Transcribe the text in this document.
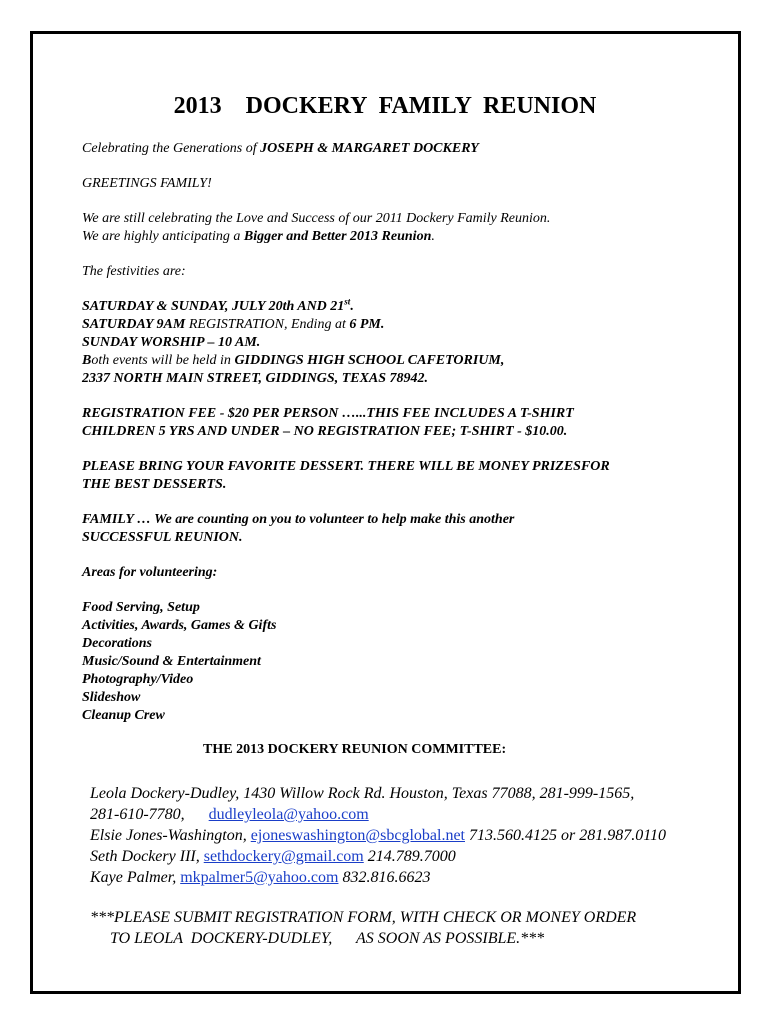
2013    DOCKERY  FAMILY  REUNION

Celebrating the Generations of JOSEPH & MARGARET DOCKERY

GREETINGS FAMILY!

We are still celebrating the Love and Success of our 2011 Dockery Family Reunion.

We are highly anticipating a Bigger and Better 2013 Reunion.

The festivities are:

SATURDAY & SUNDAY, JULY 20th AND 21st.

SATURDAY 9AM REGISTRATION, Ending at 6 PM.

SUNDAY WORSHIP – 10 AM.

Both events will be held in GIDDINGS HIGH SCHOOL CAFETORIUM,

2337 NORTH MAIN STREET, GIDDINGS, TEXAS 78942.

REGISTRATION FEE - $20 PER PERSON …...THIS FEE INCLUDES A T-SHIRT

CHILDREN 5 YRS AND UNDER – NO REGISTRATION FEE; T-SHIRT - $10.00.

PLEASE BRING YOUR FAVORITE DESSERT. THERE WILL BE MONEY PRIZESFOR

THE BEST DESSERTS.

FAMILY … We are counting on you to volunteer to help make this another

SUCCESSFUL REUNION.

Areas for volunteering:

Food Serving, Setup

Activities, Awards, Games & Gifts

Decorations

Music/Sound & Entertainment

Photography/Video

Slideshow

Cleanup Crew

THE 2013 DOCKERY REUNION COMMITTEE:

Leola Dockery-Dudley, 1430 Willow Rock Rd. Houston, Texas 77088, 281-999-1565,

281-610-7780,      dudleyleola@yahoo.com

Elsie Jones-Washington, ejoneswashington@sbcglobal.net 713.560.4125 or 281.987.0110

Seth Dockery III, sethdockery@gmail.com 214.789.7000

Kaye Palmer, mkpalmer5@yahoo.com 832.816.6623

***PLEASE SUBMIT REGISTRATION FORM, WITH CHECK OR MONEY ORDER

TO LEOLA  DOCKERY-DUDLEY,      AS SOON AS POSSIBLE.***
